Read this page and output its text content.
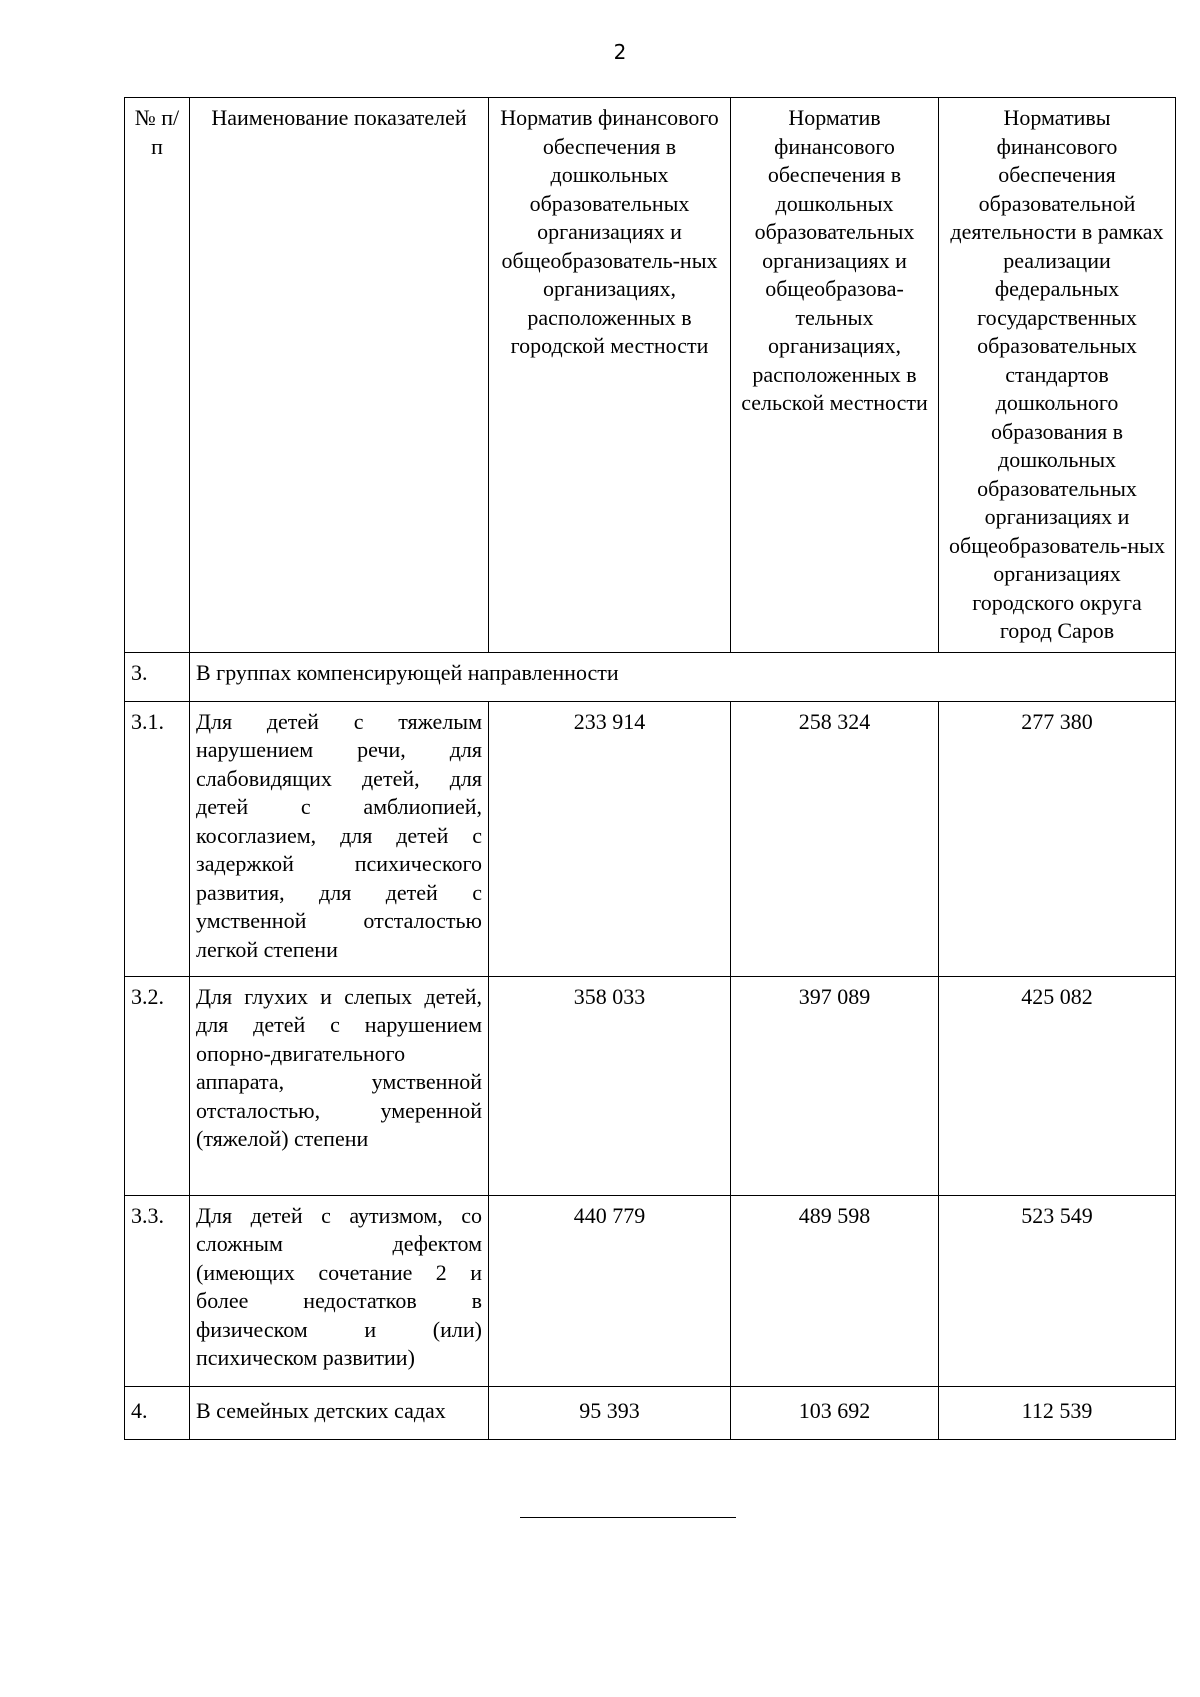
2
№ п/п	Наименование показателей	Норматив финансового обеспечения в дошкольных образовательных организациях и общеобразователь-ных организациях, расположенных в городской местности	Норматив финансового обеспечения в дошкольных образовательных организациях и общеобразова-тельных организациях, расположенных в сельской местности	Нормативы финансового обеспечения образовательной деятельности в рамках реализации федеральных государственных образовательных стандартов дошкольного образования в дошкольных образовательных организациях и общеобразователь-ных организациях городского округа город Саров
3.	В группах компенсирующей направленности			
3.1.	Для детей с тяжелым нарушением речи, для слабовидящих детей, для детей с амблиопией, косоглазием, для детей с задержкой психического развития, для детей с умственной отсталостью легкой степени	233 914	258 324	277 380
3.2.	Для глухих и слепых детей, для детей с нарушением опорно-двигательного аппарата, умственной отсталостью, умеренной (тяжелой) степени	358 033	397 089	425 082
3.3.	Для детей с аутизмом, со сложным дефектом (имеющих сочетание 2 и более недостатков в физическом и (или) психическом развитии)	440 779	489 598	523 549
4.	В семейных детских садах	95 393	103 692	112 539
